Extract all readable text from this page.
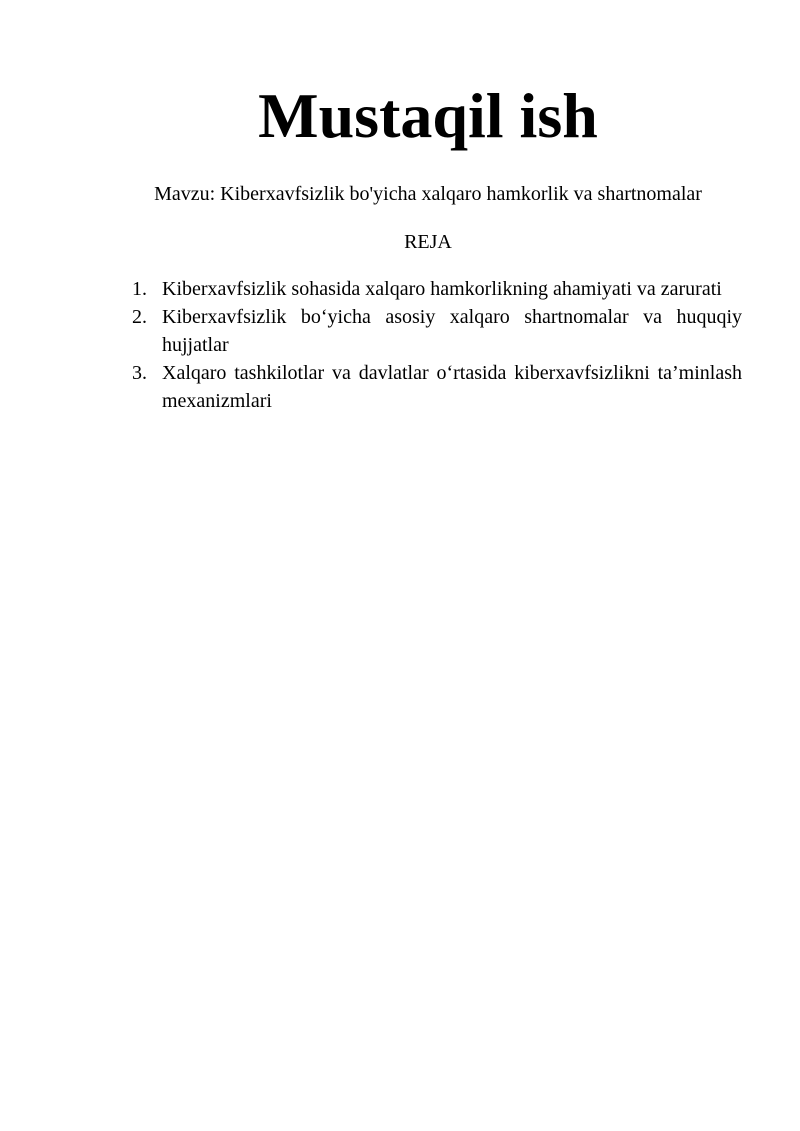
Mustaqil ish

Mavzu: Kiberxavfsizlik bo'yicha xalqaro hamkorlik va shartnomalar

REJA

1. Kiberxavfsizlik sohasida xalqaro hamkorlikning ahamiyati va zarurati
2. Kiberxavfsizlik bo‘yicha asosiy xalqaro shartnomalar va huquqiy hujjatlar
3. Xalqaro tashkilotlar va davlatlar o‘rtasida kiberxavfsizlikni ta’minlash mexanizmlari
